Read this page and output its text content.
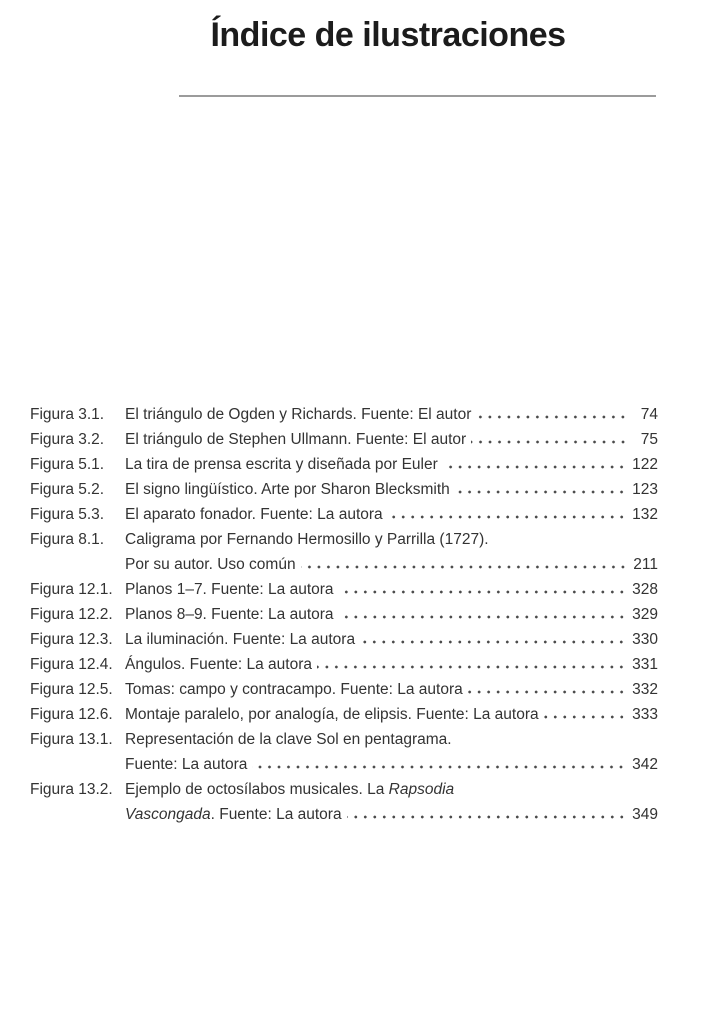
Índice de ilustraciones
Figura 3.1.	El triángulo de Ogden y Richards. Fuente: El autor	74
Figura 3.2.	El triángulo de Stephen Ullmann. Fuente: El autor	75
Figura 5.1.	La tira de prensa escrita y diseñada por Euler	122
Figura 5.2.	El signo lingüístico. Arte por Sharon Blecksmith	123
Figura 5.3.	El aparato fonador. Fuente: La autora	132
Figura 8.1.	Caligrama por Fernando Hermosillo y Parrilla (1727).
Por su autor. Uso común	211
Figura 12.1. Planos 1–7. Fuente: La autora	328
Figura 12.2. Planos 8–9. Fuente: La autora	329
Figura 12.3. La iluminación. Fuente: La autora	330
Figura 12.4. Ángulos. Fuente: La autora	331
Figura 12.5. Tomas: campo y contracampo. Fuente: La autora	332
Figura 12.6. Montaje paralelo, por analogía, de elipsis. Fuente: La autora	333
Figura 13.1. Representación de la clave Sol en pentagrama.
Fuente: La autora	342
Figura 13.2. Ejemplo de octosílabos musicales. La Rapsodia
Vascongada. Fuente: La autora	349
